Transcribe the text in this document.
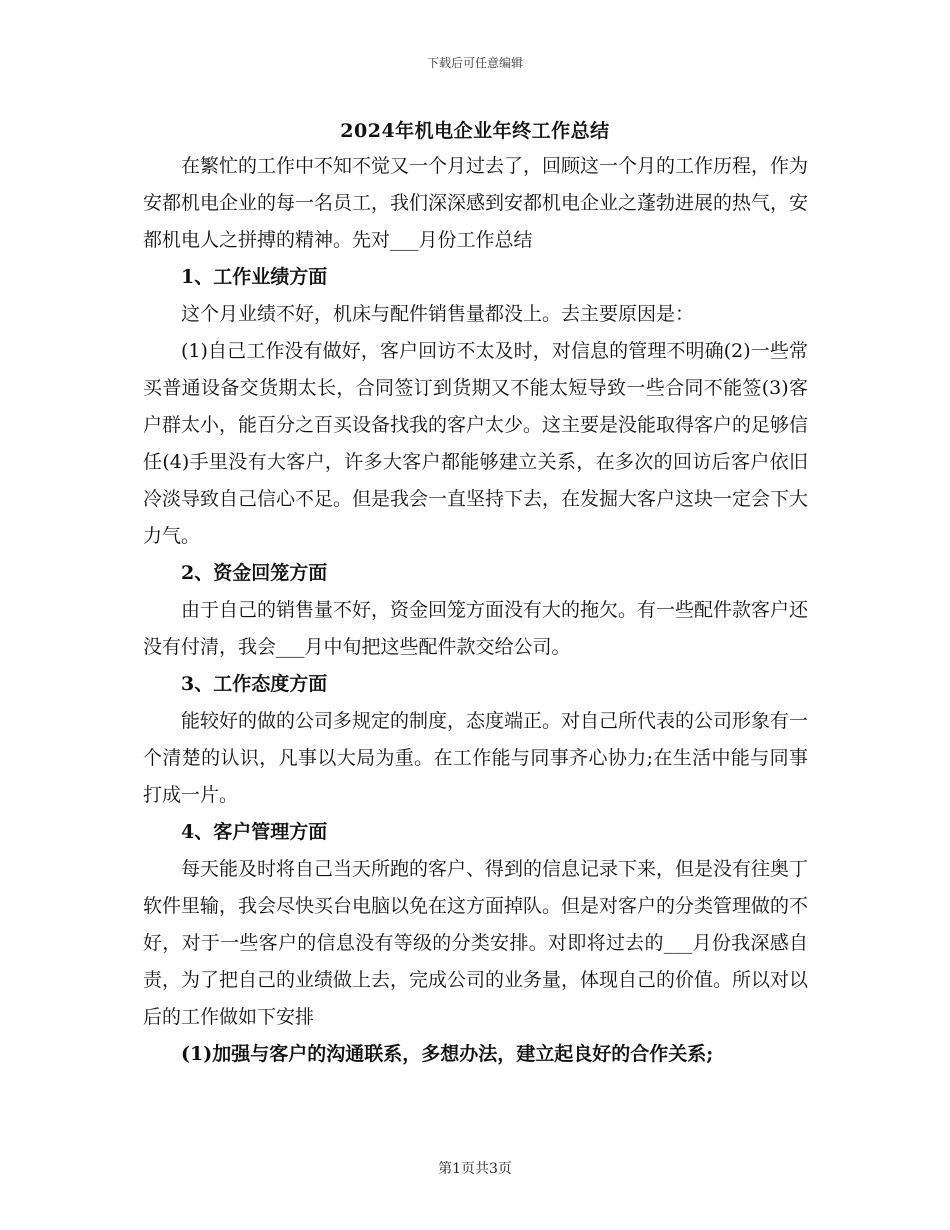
下载后可任意编辑
2024年机电企业年终工作总结

在繁忙的工作中不知不觉又一个月过去了，回顾这一个月的工作历程，作为安都机电企业的每一名员工，我们深深感到安都机电企业之蓬勃进展的热气，安都机电人之拼搏的精神。先对___月份工作总结

1、工作业绩方面

这个月业绩不好，机床与配件销售量都没上。去主要原因是：

(1)自己工作没有做好，客户回访不太及时，对信息的管理不明确(2)一些常买普通设备交货期太长，合同签订到货期又不能太短导致一些合同不能签(3)客户群太小，能百分之百买设备找我的客户太少。这主要是没能取得客户的足够信任(4)手里没有大客户，许多大客户都能够建立关系，在多次的回访后客户依旧冷淡导致自己信心不足。但是我会一直坚持下去，在发掘大客户这块一定会下大力气。

2、资金回笼方面

由于自己的销售量不好，资金回笼方面没有大的拖欠。有一些配件款客户还没有付清，我会___月中旬把这些配件款交给公司。

3、工作态度方面

能较好的做的公司多规定的制度，态度端正。对自己所代表的公司形象有一个清楚的认识，凡事以大局为重。在工作能与同事齐心协力;在生活中能与同事打成一片。

4、客户管理方面

每天能及时将自己当天所跑的客户、得到的信息记录下来，但是没有往奥丁软件里输，我会尽快买台电脑以免在这方面掉队。但是对客户的分类管理做的不好，对于一些客户的信息没有等级的分类安排。对即将过去的___月份我深感自责，为了把自己的业绩做上去，完成公司的业务量，体现自己的价值。所以对以后的工作做如下安排

(1)加强与客户的沟通联系，多想办法，建立起良好的合作关系;

第1页共3页
